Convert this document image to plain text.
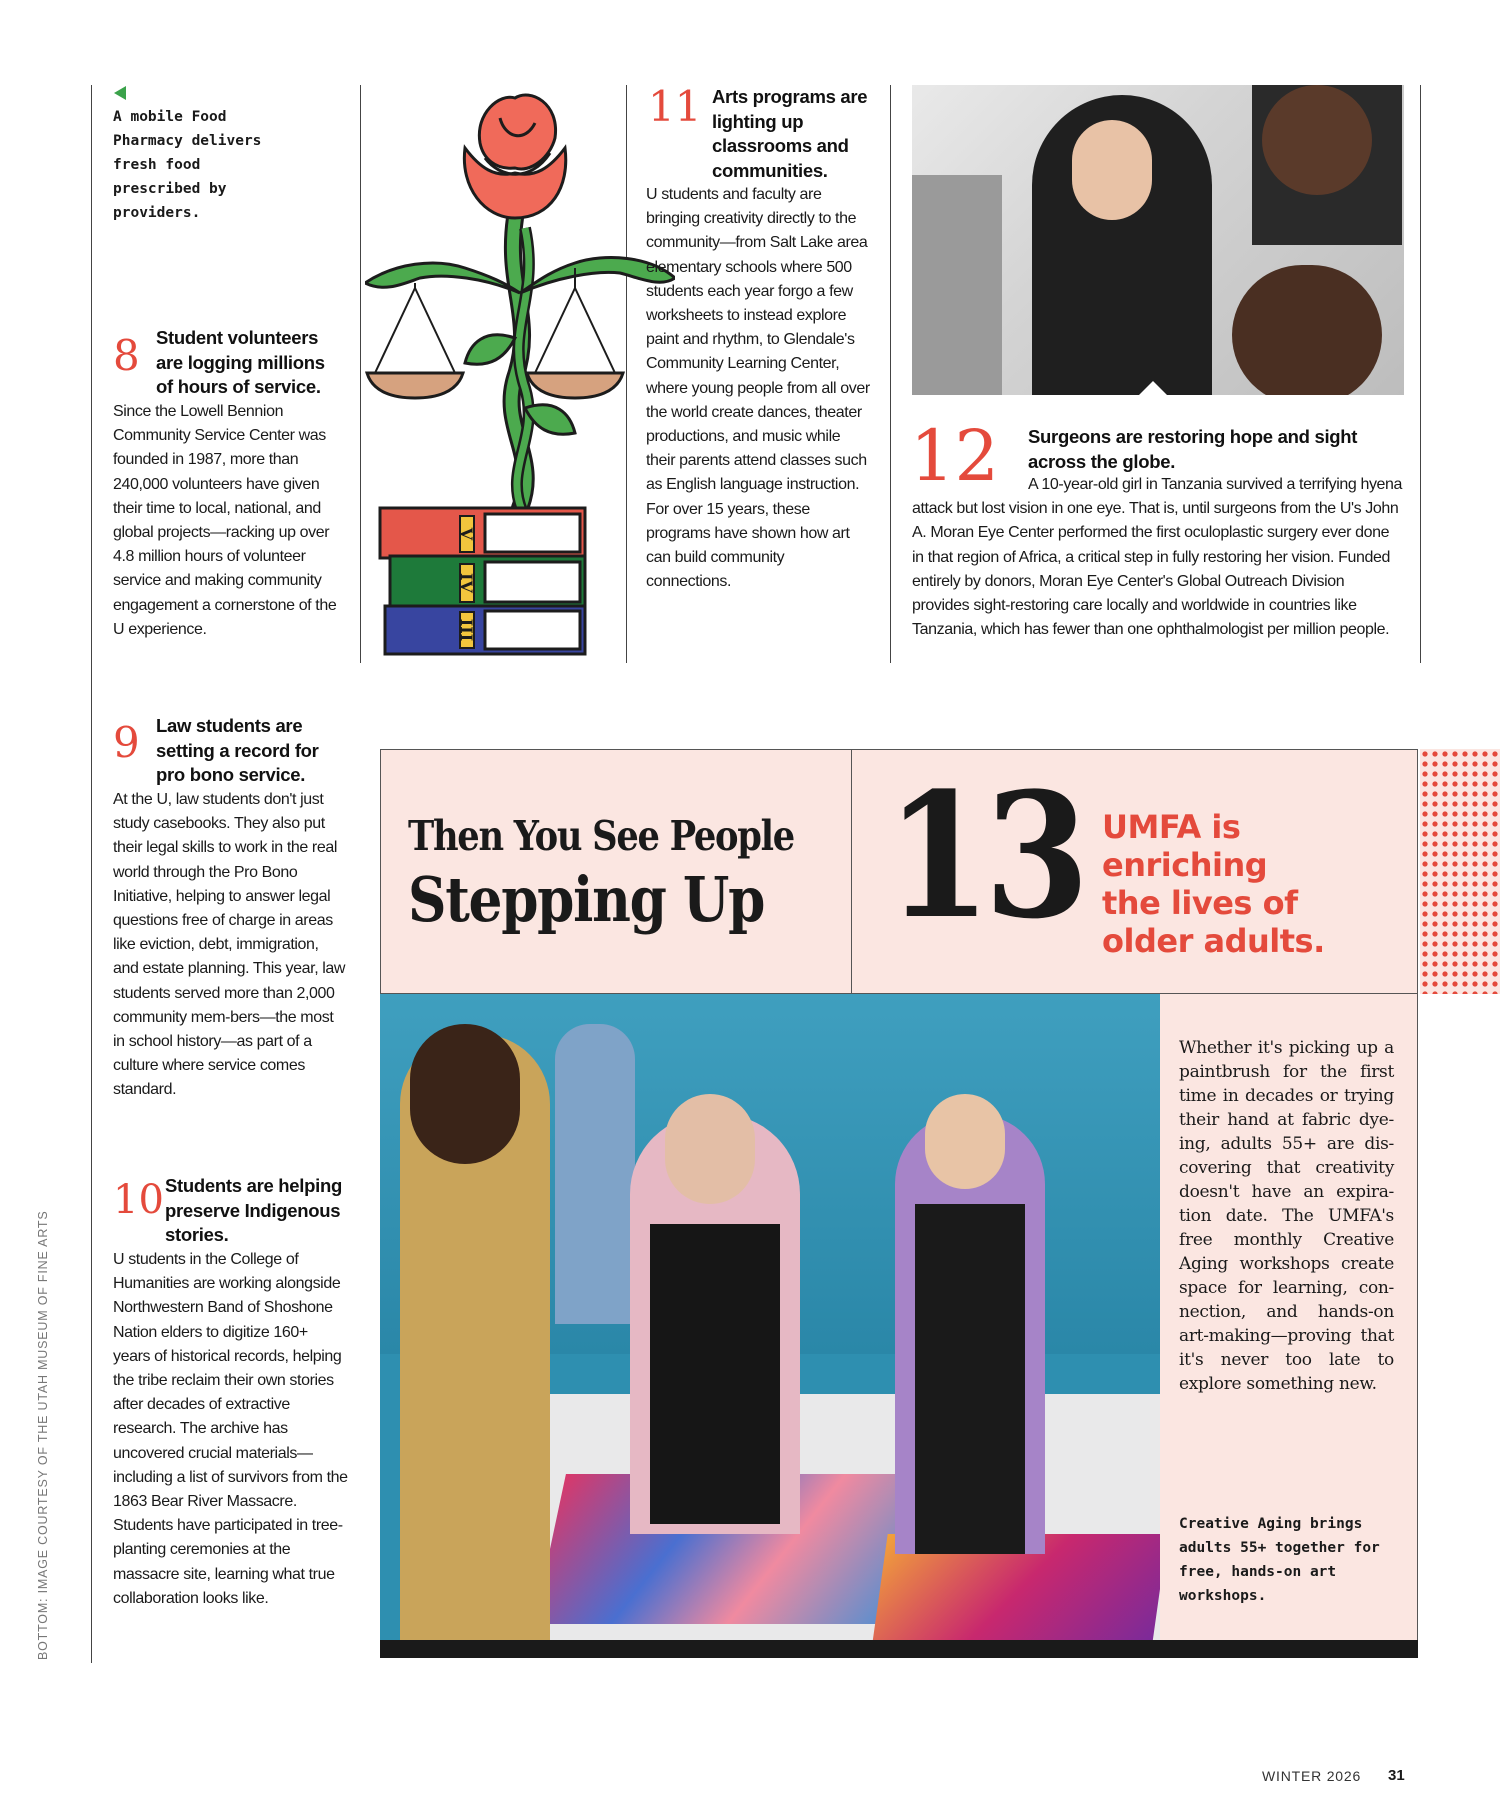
BOTTOM: IMAGE COURTESY OF THE UTAH MUSEUM OF FINE ARTS
A mobile Food Pharmacy delivers fresh food prescribed by providers.
8 Student volunteers are logging millions of hours of service.
Since the Lowell Bennion Community Service Center was founded in 1987, more than 240,000 volunteers have given their time to local, national, and global projects—racking up over 4.8 million hours of volunteer service and making community engagement a cornerstone of the U experience.
9 Law students are setting a record for pro bono service.
At the U, law students don't just study casebooks. They also put their legal skills to work in the real world through the Pro Bono Initiative, helping to answer legal questions free of charge in areas like eviction, debt, immigration, and estate planning. This year, law students served more than 2,000 community mem-bers—the most in school history—as part of a culture where service comes standard.
10 Students are helping preserve Indigenous stories.
U students in the College of Humanities are working alongside Northwestern Band of Shoshone Nation elders to digitize 160+ years of historical records, helping the tribe reclaim their own stories after decades of extractive research. The archive has uncovered crucial materials—including a list of survivors from the 1863 Bear River Massacre. Students have participated in tree-planting ceremonies at the massacre site, learning what true collaboration looks like.
V
IV
III
11 Arts programs are lighting up classrooms and communities.
U students and faculty are bringing creativity directly to the community—from Salt Lake area elementary schools where 500 students each year forgo a few worksheets to instead explore paint and rhythm, to Glendale's Community Learning Center, where young people from all over the world create dances, theater productions, and music while their parents attend classes such as English language instruction. For over 15 years, these programs have shown how art can build community connections.
12 Surgeons are restoring hope and sight across the globe.
A 10-year-old girl in Tanzania survived a terrifying hyena attack but lost vision in one eye. That is, until surgeons from the U's John A. Moran Eye Center performed the first oculoplastic surgery ever done in that region of Africa, a critical step in fully restoring her vision. Funded entirely by donors, Moran Eye Center's Global Outreach Division provides sight-restoring care locally and worldwide in countries like Tanzania, which has fewer than one ophthalmologist per million people.
Then You See People
Stepping Up 13 UMFA is enriching the lives of older adults.
Whether it's picking up a paintbrush for the first time in decades or trying their hand at fabric dye-ing, adults 55+ are dis-covering that creativity doesn't have an expira-tion date. The UMFA's free monthly Creative Aging workshops create space for learning, con-nection, and hands-on art-making—proving that it's never too late to explore something new.
Creative Aging brings adults 55+ together for free, hands-on art workshops.
WINTER 2026 31
